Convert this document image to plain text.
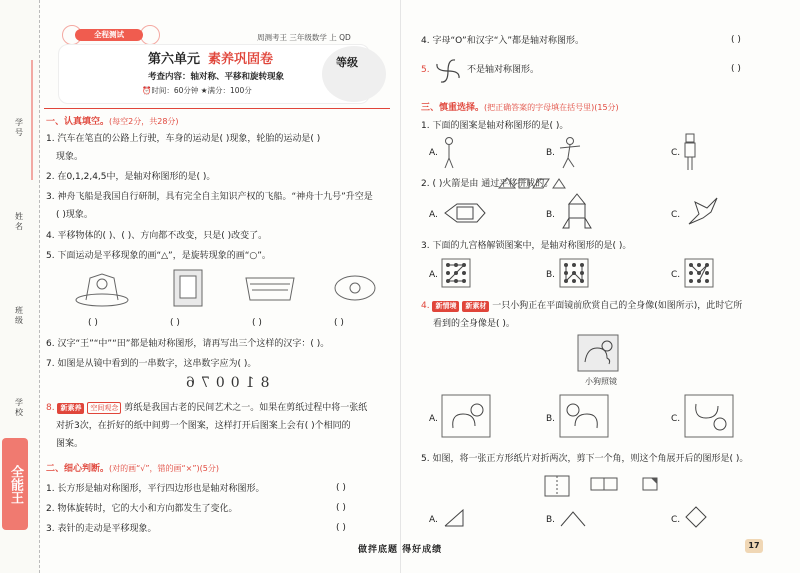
学号
姓名
班级
学校
全能王
全程测试	周测考王 三年级数学 上 QD
第六单元 素养巩固卷
考查内容：轴对称、平移和旋转现象
⏰时间：60分钟 ★满分：100分
等级
一、认真填空。(每空2分，共28分)
1. 汽车在笔直的公路上行驶，车身的运动是( )现象，轮胎的运动是( )
现象。
2. 在0,1,2,4,5中，是轴对称图形的是( )。
3. 神舟飞船是我国自行研制，具有完全自主知识产权的飞船。“神舟十九号”升空是
( )现象。
4. 平移物体的( )、( )、方向都不改变，只是( )改变了。
5. 下面运动是平移现象的画“△”，是旋转现象的画“○”。
( )	( )	( )	( )
6. 汉字“王”“中”“田”都是轴对称图形，请再写出三个这样的汉字：( )。
7. 如图是从镜中看到的一串数字，这串数字应为( )。
810076
8. 新素养 空间观念 剪纸是我国古老的民间艺术之一。如果在剪纸过程中将一张纸
对折3次，在折好的纸中间剪一个图案，这样打开后图案上会有( )个相同的
图案。
二、细心判断。(对的画“√”，错的画“×”)(5分)
1. 长方形是轴对称图形，平行四边形也是轴对称图形。	( )
2. 物体旋转时，它的大小和方向都发生了变化。	( )
3. 表针的走动是平移现象。	( )
4. 字母“O”和汉字“入”都是轴对称图形。	( )
5.	不是轴对称图形。	( )
三、慎重选择。(把正确答案的字母填在括号里)(15分)
1. 下面的图案是轴对称图形的是( )。
A.	B.	C.
2. ( )火箭是由 通过平移拼成的。
A.	B.	C.
3. 下面的九宫格解锁图案中，是轴对称图形的是( )。
A.	B.	C.
4. 新情境 新素材 一只小狗正在平面镜前欣赏自己的全身像(如图所示)，此时它所
看到的全身像是( )。
小狗照镜
A.	B.	C.
5. 如图，将一张正方形纸片对折两次，剪下一个角，则这个角展开后的图形是( )。
A.	B.	C.
做拌底题 得好成绩	17
